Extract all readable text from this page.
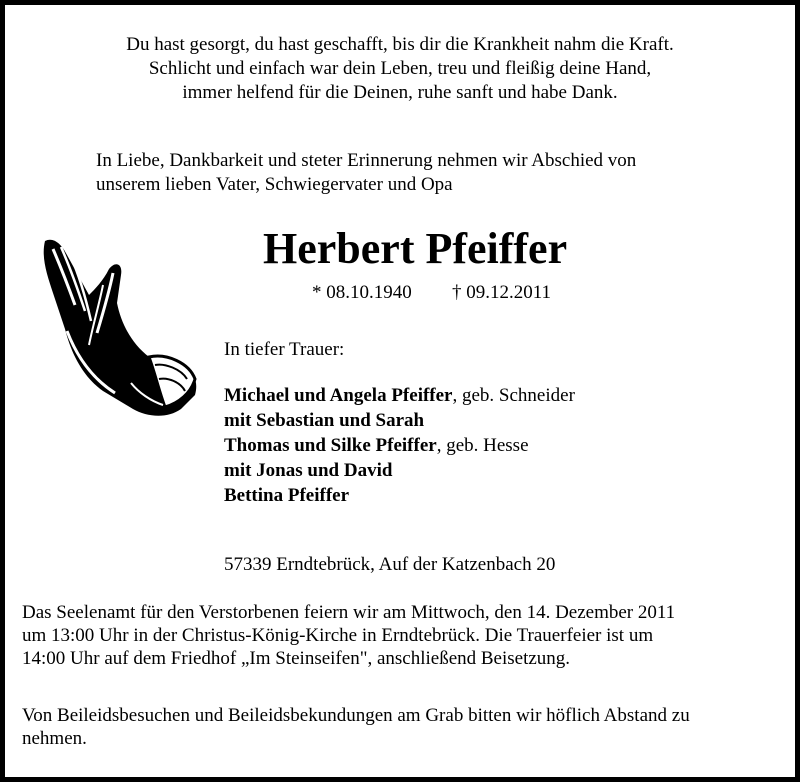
Du hast gesorgt, du hast geschafft, bis dir die Krankheit nahm die Kraft.
Schlicht und einfach war dein Leben, treu und fleißig deine Hand,
immer helfend für die Deinen, ruhe sanft und habe Dank.
In Liebe, Dankbarkeit und steter Erinnerung nehmen wir Abschied von
unserem lieben Vater, Schwiegervater und Opa
Herbert Pfeiffer
* 08.10.1940 † 09.12.2011
In tiefer Trauer:
Michael und Angela Pfeiffer, geb. Schneider
mit Sebastian und Sarah
Thomas und Silke Pfeiffer, geb. Hesse
mit Jonas und David
Bettina Pfeiffer
57339 Erndtebrück, Auf der Katzenbach 20
Das Seelenamt für den Verstorbenen feiern wir am Mittwoch, den 14. Dezember 2011
um 13:00 Uhr in der Christus-König-Kirche in Erndtebrück. Die Trauerfeier ist um
14:00 Uhr auf dem Friedhof „Im Steinseifen", anschließend Beisetzung.
Von Beileidsbesuchen und Beileidsbekundungen am Grab bitten wir höflich Abstand zu
nehmen.
